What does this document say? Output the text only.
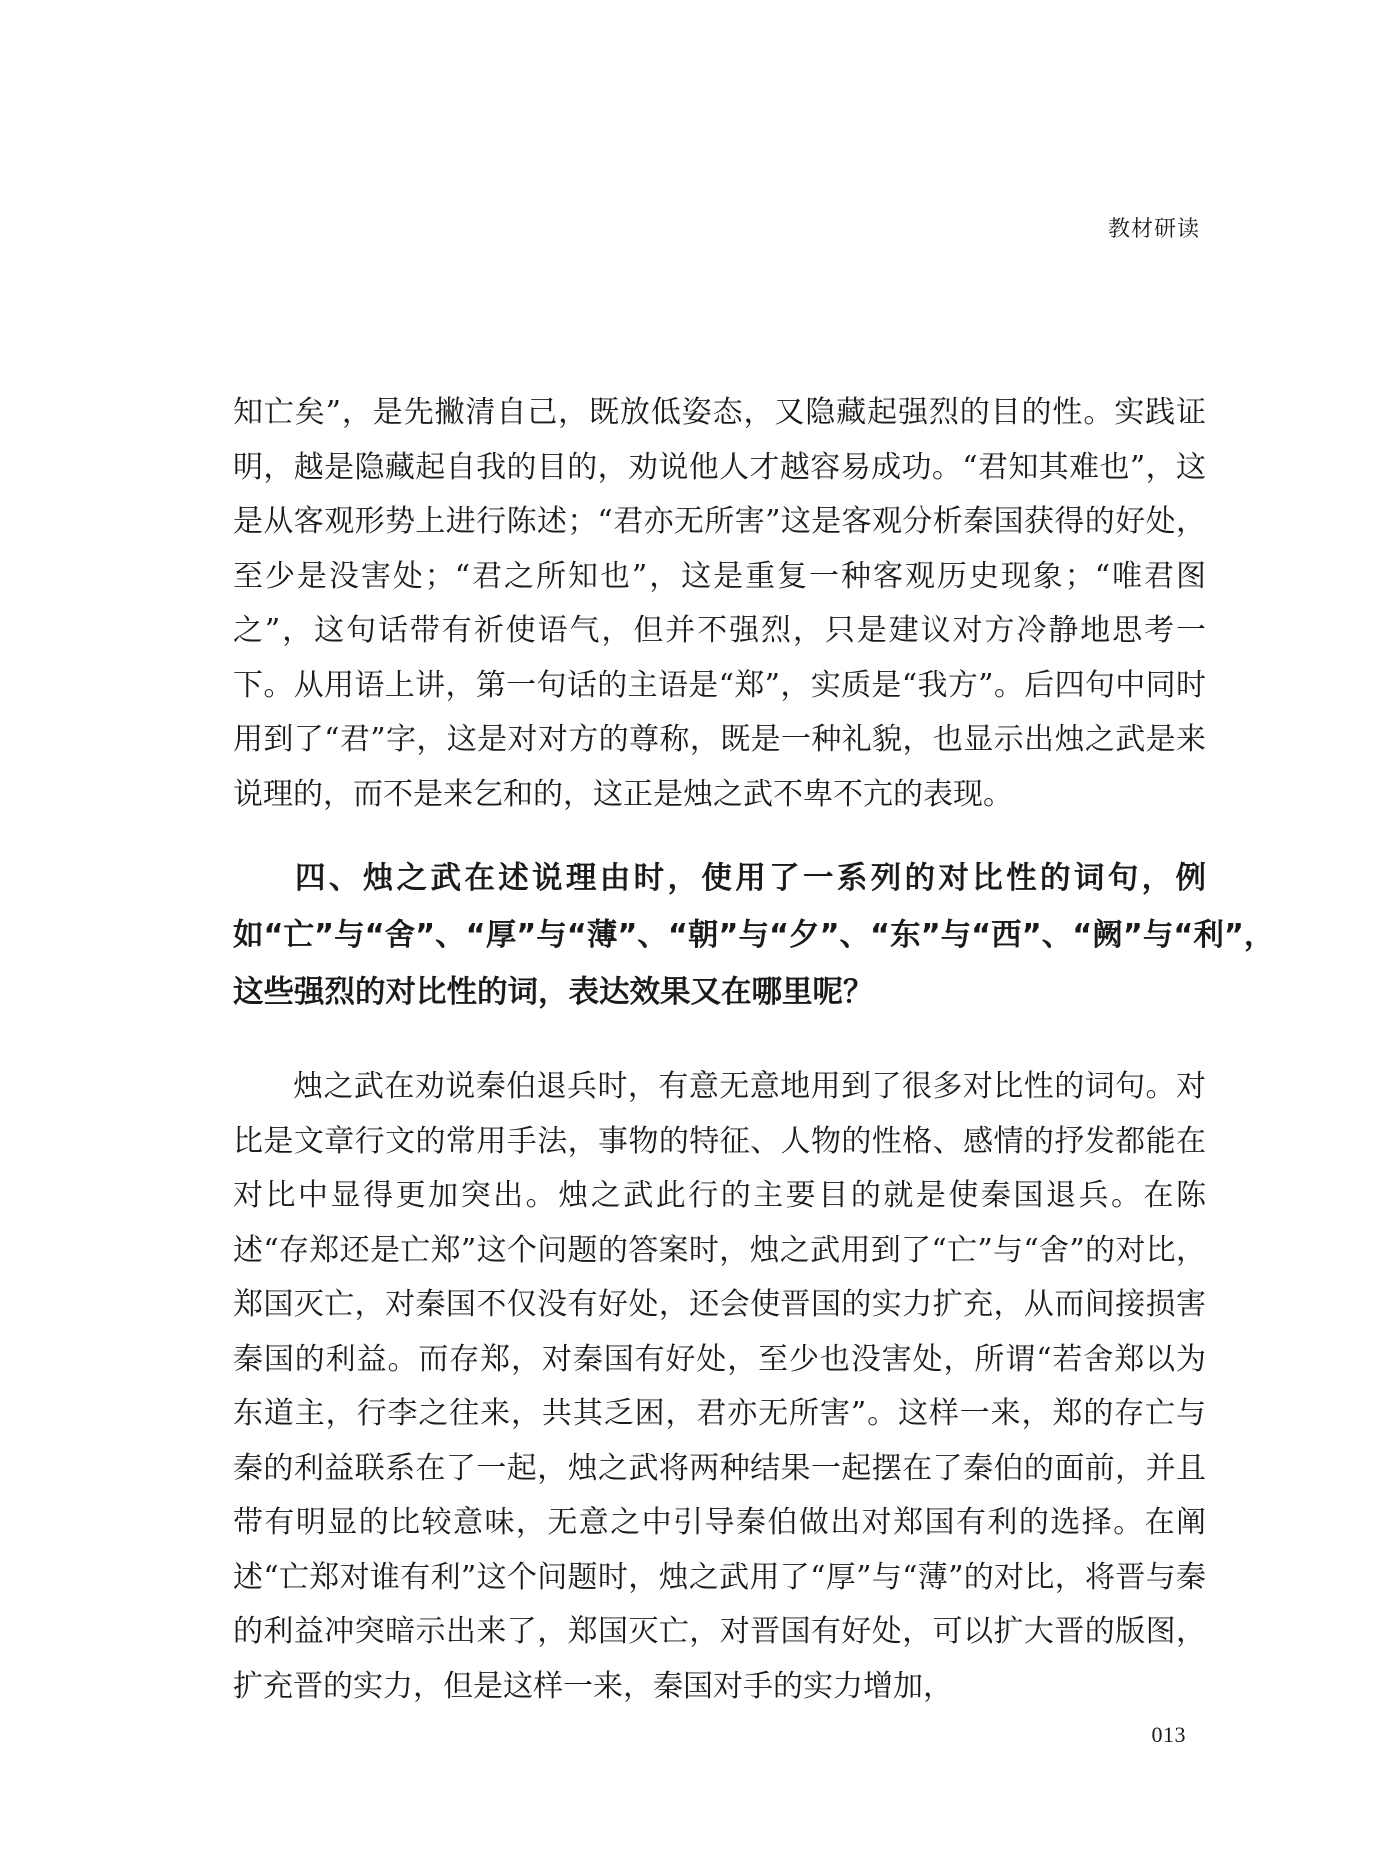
教材研读

知亡矣”，是先撇清自己，既放低姿态，又隐藏起强烈的目的性。实践证明，越是隐藏起自我的目的，劝说他人才越容易成功。“君知其难也”，这是从客观形势上进行陈述；“君亦无所害”这是客观分析秦国获得的好处，至少是没害处；“君之所知也”，这是重复一种客观历史现象；“唯君图之”，这句话带有祈使语气，但并不强烈，只是建议对方冷静地思考一下。从用语上讲，第一句话的主语是“郑”，实质是“我方”。后四句中同时用到了“君”字，这是对对方的尊称，既是一种礼貌，也显示出烛之武是来说理的，而不是来乞和的，这正是烛之武不卑不亢的表现。

四、烛之武在述说理由时，使用了一系列的对比性的词句，例如“亡”与“舍”、“厚”与“薄”、“朝”与“夕”、“东”与“西”、“阙”与“利”，这些强烈的对比性的词，表达效果又在哪里呢？

烛之武在劝说秦伯退兵时，有意无意地用到了很多对比性的词句。对比是文章行文的常用手法，事物的特征、人物的性格、感情的抒发都能在对比中显得更加突出。烛之武此行的主要目的就是使秦国退兵。在陈述“存郑还是亡郑”这个问题的答案时，烛之武用到了“亡”与“舍”的对比，郑国灭亡，对秦国不仅没有好处，还会使晋国的实力扩充，从而间接损害秦国的利益。而存郑，对秦国有好处，至少也没害处，所谓“若舍郑以为东道主，行李之往来，共其乏困，君亦无所害”。这样一来，郑的存亡与秦的利益联系在了一起，烛之武将两种结果一起摆在了秦伯的面前，并且带有明显的比较意味，无意之中引导秦伯做出对郑国有利的选择。在阐述“亡郑对谁有利”这个问题时，烛之武用了“厚”与“薄”的对比，将晋与秦的利益冲突暗示出来了，郑国灭亡，对晋国有好处，可以扩大晋的版图，扩充晋的实力，但是这样一来，秦国对手的实力增加，

013
